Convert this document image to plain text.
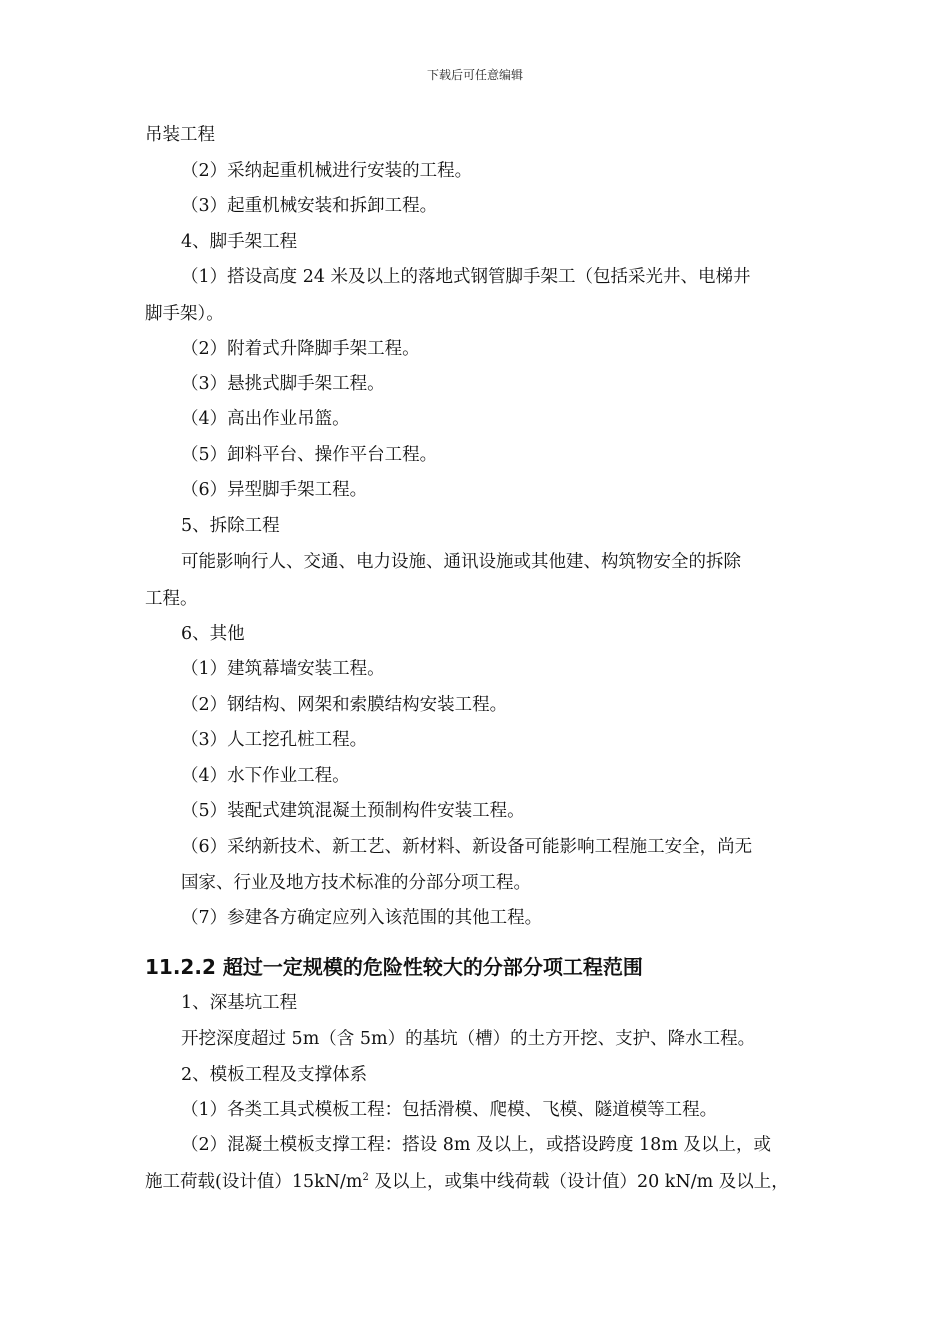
下载后可任意编辑
吊装工程
（2）采纳起重机械进行安装的工程。
（3）起重机械安装和拆卸工程。
4、脚手架工程
（1）搭设高度 24 米及以上的落地式钢管脚手架工（包括采光井、电梯井
脚手架）。
（2）附着式升降脚手架工程。
（3）悬挑式脚手架工程。
（4）高出作业吊篮。
（5）卸料平台、操作平台工程。
（6）异型脚手架工程。
5、拆除工程
可能影响行人、交通、电力设施、通讯设施或其他建、构筑物安全的拆除
工程。
6、其他
（1）建筑幕墙安装工程。
（2）钢结构、网架和索膜结构安装工程。
（3）人工挖孔桩工程。
（4）水下作业工程。
（5）装配式建筑混凝土预制构件安装工程。
（6）采纳新技术、新工艺、新材料、新设备可能影响工程施工安全，尚无
国家、行业及地方技术标准的分部分项工程。
（7）参建各方确定应列入该范围的其他工程。
11.2.2 超过一定规模的危险性较大的分部分项工程范围
1、深基坑工程
开挖深度超过 5m（含 5m）的基坑（槽）的土方开挖、支护、降水工程。
2、模板工程及支撑体系
（1）各类工具式模板工程：包括滑模、爬模、飞模、隧道模等工程。
（2）混凝土模板支撑工程：搭设 8m 及以上，或搭设跨度 18m 及以上，或
施工荷载(设计值）$15kN/m^2$ 及以上，或集中线荷载（设计值）20 kN/m 及以上，
